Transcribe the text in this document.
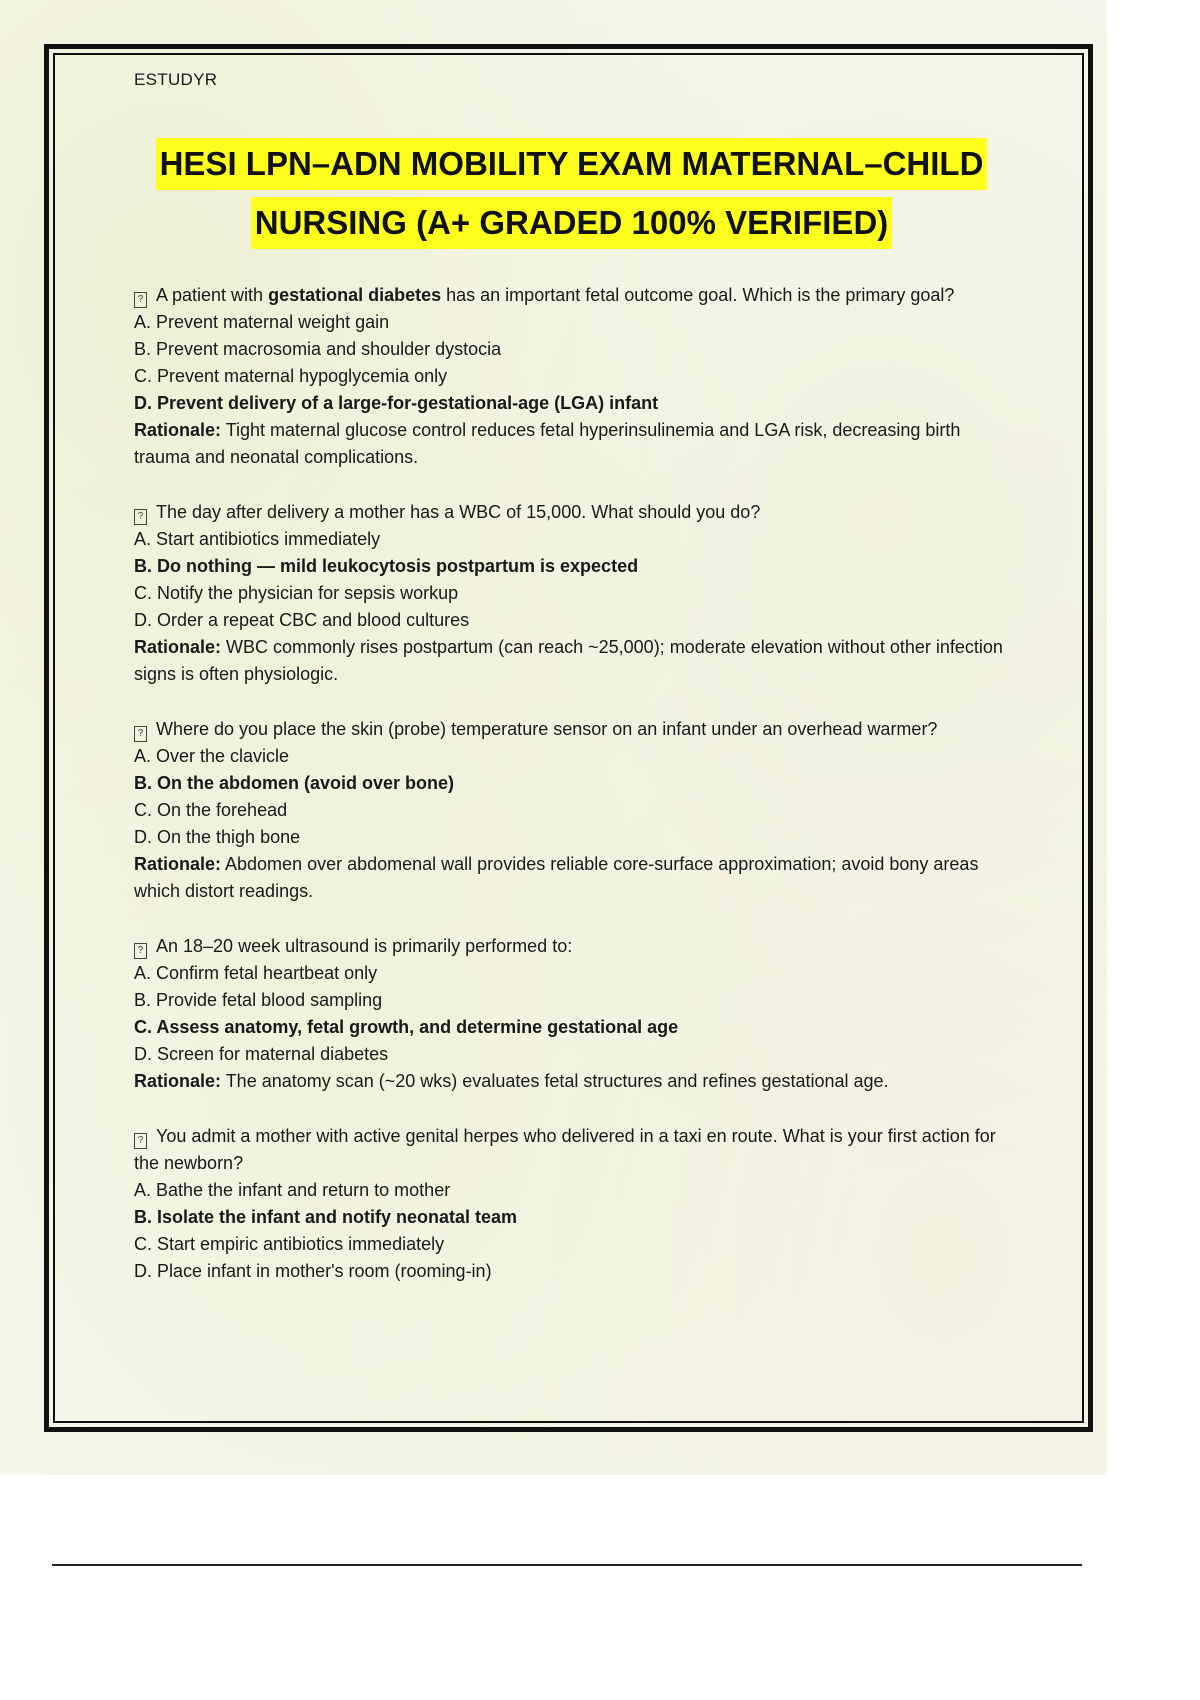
ESTUDYR
HESI LPN–ADN MOBILITY EXAM MATERNAL–CHILD
NURSING (A+ GRADED 100% VERIFIED)
? A patient with gestational diabetes has an important fetal outcome goal. Which is the primary goal?
A. Prevent maternal weight gain
B. Prevent macrosomia and shoulder dystocia
C. Prevent maternal hypoglycemia only
D. Prevent delivery of a large-for-gestational-age (LGA) infant
Rationale: Tight maternal glucose control reduces fetal hyperinsulinemia and LGA risk, decreasing birth trauma and neonatal complications.
? The day after delivery a mother has a WBC of 15,000. What should you do?
A. Start antibiotics immediately
B. Do nothing — mild leukocytosis postpartum is expected
C. Notify the physician for sepsis workup
D. Order a repeat CBC and blood cultures
Rationale: WBC commonly rises postpartum (can reach ~25,000); moderate elevation without other infection signs is often physiologic.
? Where do you place the skin (probe) temperature sensor on an infant under an overhead warmer?
A. Over the clavicle
B. On the abdomen (avoid over bone)
C. On the forehead
D. On the thigh bone
Rationale: Abdomen over abdomenal wall provides reliable core-surface approximation; avoid bony areas which distort readings.
? An 18–20 week ultrasound is primarily performed to:
A. Confirm fetal heartbeat only
B. Provide fetal blood sampling
C. Assess anatomy, fetal growth, and determine gestational age
D. Screen for maternal diabetes
Rationale: The anatomy scan (~20 wks) evaluates fetal structures and refines gestational age.
? You admit a mother with active genital herpes who delivered in a taxi en route. What is your first action for the newborn?
A. Bathe the infant and return to mother
B. Isolate the infant and notify neonatal team
C. Start empiric antibiotics immediately
D. Place infant in mother's room (rooming-in)
